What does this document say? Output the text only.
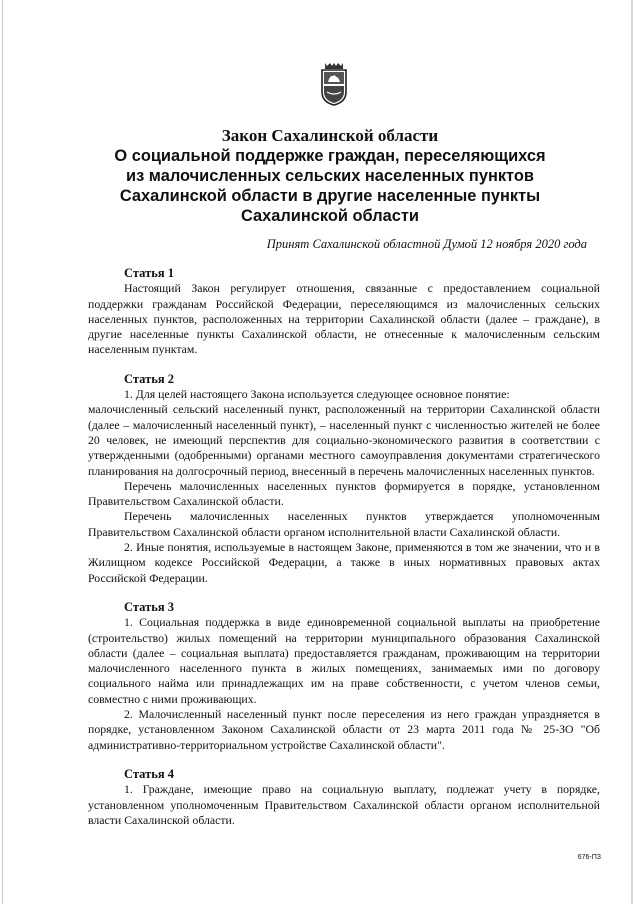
Закон Сахалинской области
О социальной поддержке граждан, переселяющихся
из малочисленных сельских населенных пунктов
Сахалинской области в другие населенные пункты
Сахалинской области
Принят Сахалинской областной Думой 12 ноября 2020 года
Статья 1

Настоящий Закон регулирует отношения, связанные с предоставлением социальной поддержки гражданам Российской Федерации, переселяющимся из малочисленных сельских населенных пунктов, расположенных на территории Сахалинской области (далее – граждане), в другие населенные пункты Сахалинской области, не отнесенные к малочисленным сельским населенным пунктам.

Статья 2

1. Для целей настоящего Закона используется следующее основное понятие:

малочисленный сельский населенный пункт, расположенный на территории Сахалинской области (далее – малочисленный населенный пункт), – населенный пункт с численностью жителей не более 20 человек, не имеющий перспектив для социально-экономического развития в соответствии с утвержденными (одобренными) органами местного самоуправления документами стратегического планирования на долгосрочный период, внесенный в перечень малочисленных населенных пунктов.

Перечень малочисленных населенных пунктов формируется в порядке, установленном Правительством Сахалинской области.

Перечень малочисленных населенных пунктов утверждается уполномоченным Правительством Сахалинской области органом исполнительной власти Сахалинской области.

2. Иные понятия, используемые в настоящем Законе, применяются в том же значении, что и в Жилищном кодексе Российской Федерации, а также в иных нормативных правовых актах Российской Федерации.

Статья 3

1. Социальная поддержка в виде единовременной социальной выплаты на приобретение (строительство) жилых помещений на территории муниципального образования Сахалинской области (далее – социальная выплата) предоставляется гражданам, проживающим на территории малочисленного населенного пункта в жилых помещениях, занимаемых ими по договору социального найма или принадлежащих им на праве собственности, с учетом членов семьи, совместно с ними проживающих.

2. Малочисленный населенный пункт после переселения из него граждан упраздняется в порядке, установленном Законом Сахалинской области от 23 марта 2011 года № 25-ЗО "Об административно-территориальном устройстве Сахалинской области".

Статья 4

1. Граждане, имеющие право на социальную выплату, подлежат учету в порядке, установленном уполномоченным Правительством Сахалинской области органом исполнительной власти Сахалинской области.

676-ПЗ
